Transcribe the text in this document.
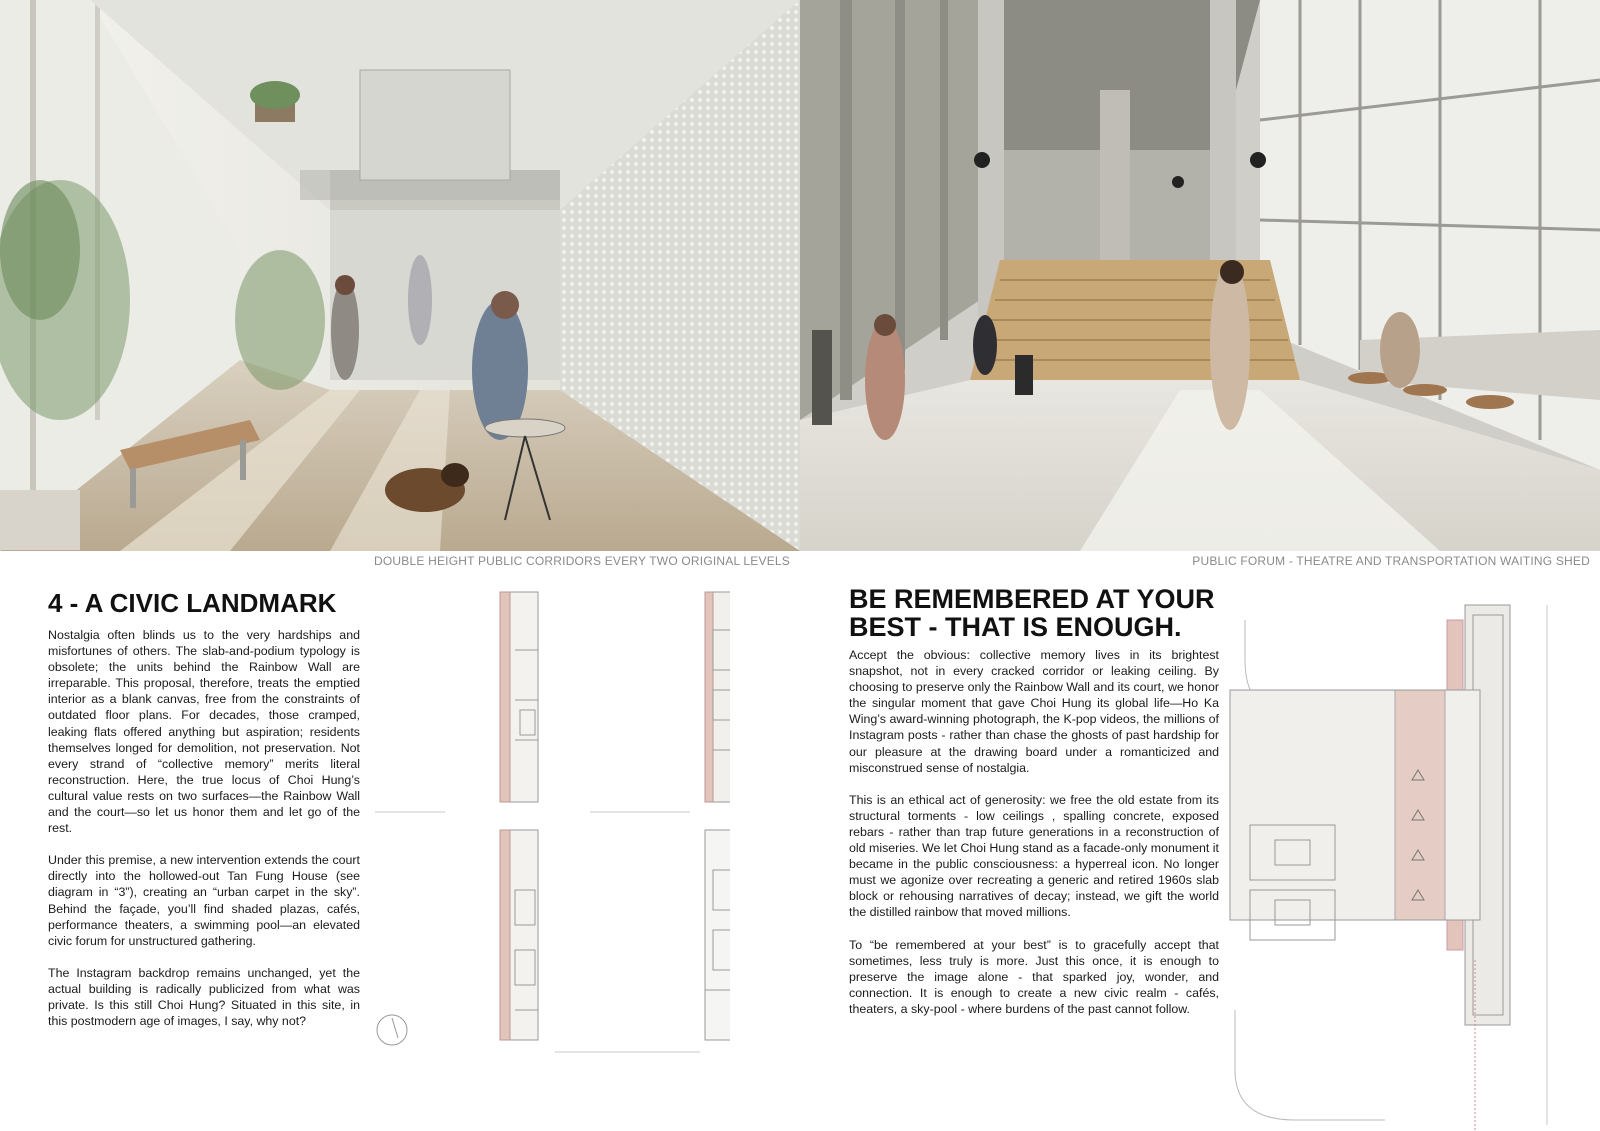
DOUBLE HEIGHT PUBLIC CORRIDORS EVERY TWO ORIGINAL LEVELS	PUBLIC FORUM - THEATRE AND TRANSPORTATION WAITING SHED
4 - A CIVIC LANDMARK

Nostalgia often blinds us to the very hardships and misfortunes of others. The slab-and-podium typology is obsolete; the units behind the Rainbow Wall are irreparable. This proposal, therefore, treats the emptied interior as a blank canvas, free from the constraints of outdated floor plans. For decades, those cramped, leaking flats offered anything but aspiration; residents themselves longed for demolition, not preservation. Not every strand of “collective memory” merits literal reconstruction. Here, the true locus of Choi Hung’s cultural value rests on two surfaces—the Rainbow Wall and the court—so let us honor them and let go of the rest.

Under this premise, a new intervention extends the court directly into the hollowed-out Tan Fung House (see diagram in “3”), creating an “urban carpet in the sky”. Behind the façade, you’ll find shaded plazas, cafés, performance theaters, a swimming pool—an elevated civic forum for unstructured gathering.

The Instagram backdrop remains unchanged, yet the actual building is radically publicized from what was private. Is this still Choi Hung? Situated in this site, in this postmodern age of images, I say, why not?

BE REMEMBERED AT YOUR BEST - THAT IS ENOUGH.

Accept the obvious: collective memory lives in its brightest snapshot, not in every cracked corridor or leaking ceiling. By choosing to preserve only the Rainbow Wall and its court, we honor the singular moment that gave Choi Hung its global life—Ho Ka Wing’s award-winning photograph, the K-pop videos, the millions of Instagram posts - rather than chase the ghosts of past hardship for our pleasure at the drawing board under a romanticized and misconstrued sense of nostalgia.

This is an ethical act of generosity: we free the old estate from its structural torments - low ceilings , spalling concrete, exposed rebars - rather than trap future generations in a reconstruction of old miseries. We let Choi Hung stand as a facade-only monument it became in the public consciousness: a hyperreal icon. No longer must we agonize over recreating a generic and retired 1960s slab block or rehousing narratives of decay; instead, we gift the world the distilled rainbow that moved millions.

To “be remembered at your best” is to gracefully accept that sometimes, less truly is more. Just this once, it is enough to preserve the image alone - that sparked joy, wonder, and connection. It is enough to create a new civic realm - cafés, theaters, a sky-pool - where burdens of the past cannot follow.
